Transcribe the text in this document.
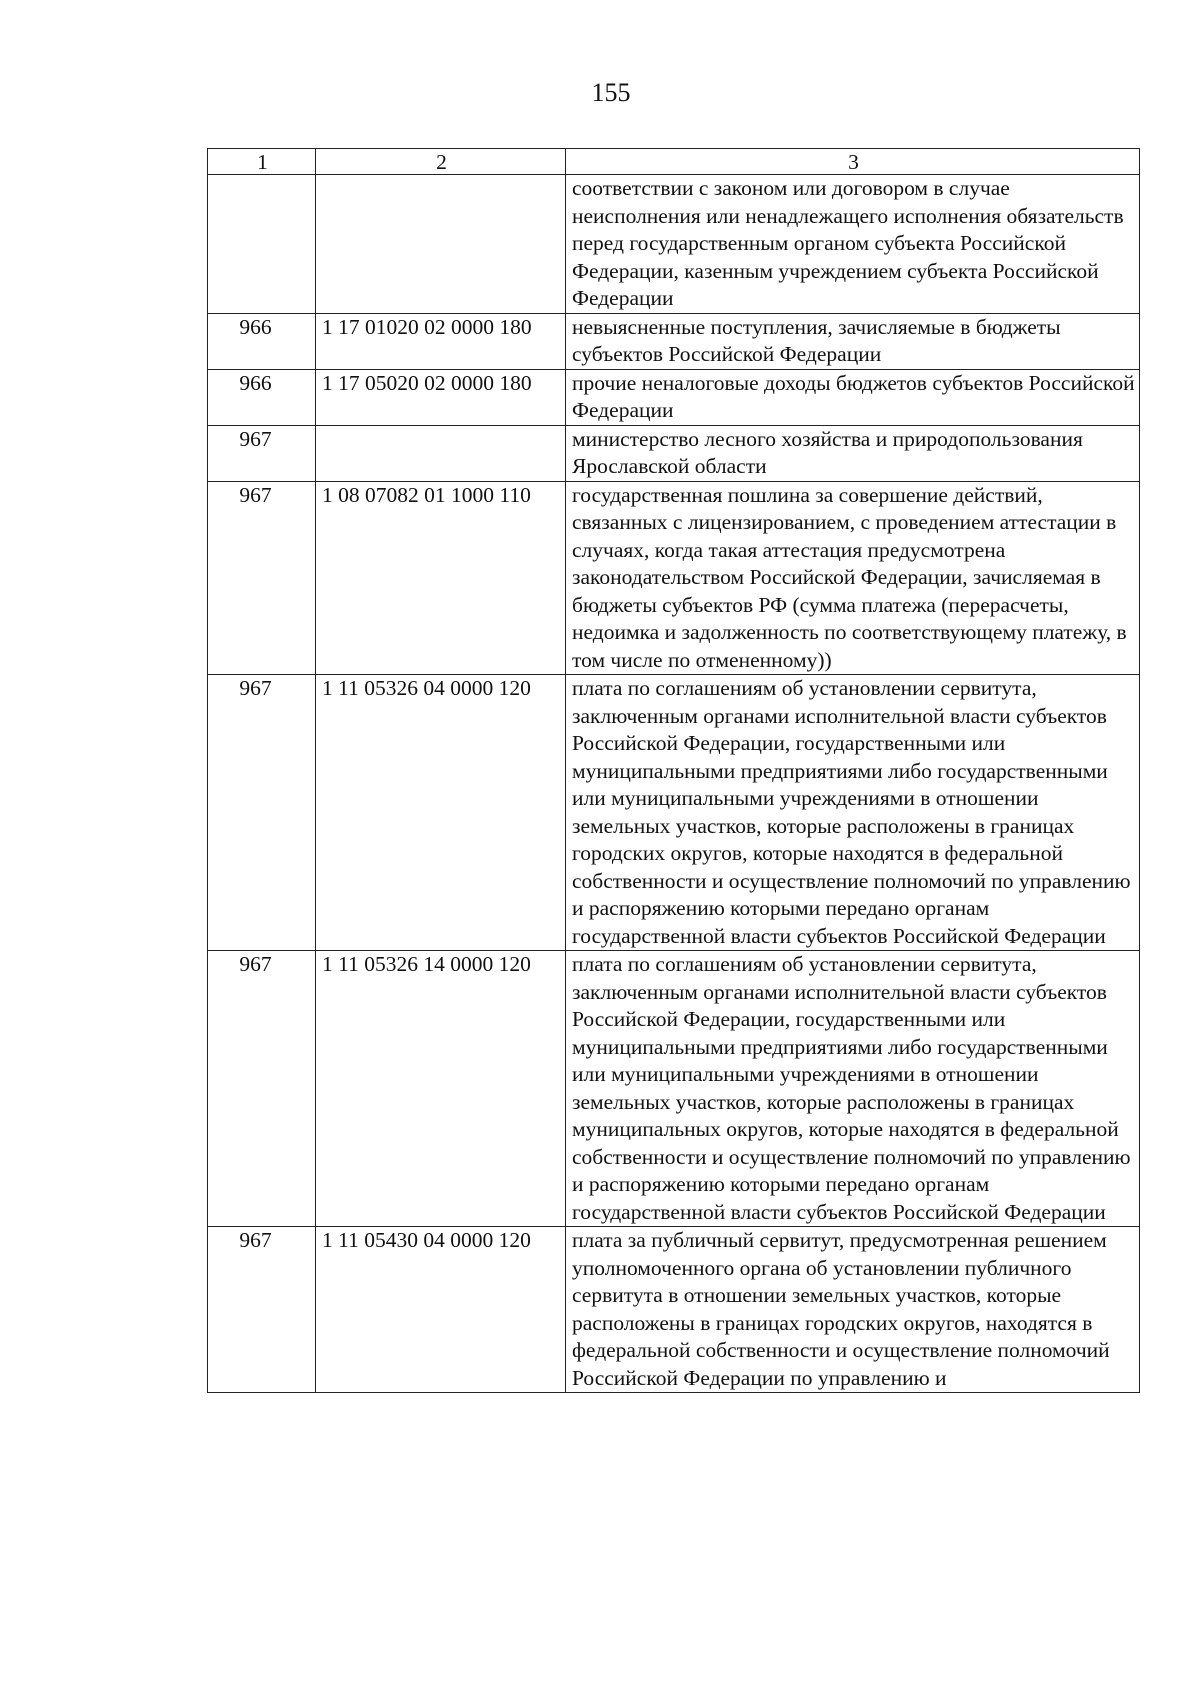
155
1	2	3
		соответствии с законом или договором в случае неисполнения или ненадлежащего исполнения обязательств перед государственным органом субъекта Российской Федерации, казенным учреждением субъекта Российской Федерации
966	1 17 01020 02 0000 180	невыясненные поступления, зачисляемые в бюджеты субъектов Российской Федерации
966	1 17 05020 02 0000 180	прочие неналоговые доходы бюджетов субъектов Российской Федерации
967		министерство лесного хозяйства и природопользования Ярославской области
967	1 08 07082 01 1000 110	государственная пошлина за совершение действий, связанных с лицензированием, с проведением аттестации в случаях, когда такая аттестация предусмотрена законодательством Российской Федерации, зачисляемая в бюджеты субъектов РФ (сумма платежа (перерасчеты, недоимка и задолженность по соответствующему платежу, в том числе по отмененному))
967	1 11 05326 04 0000 120	плата по соглашениям об установлении сервитута, заключенным органами исполнительной власти субъектов Российской Федерации, государственными или муниципальными предприятиями либо государственными или муниципальными учреждениями в отношении земельных участков, которые расположены в границах городских округов, которые находятся в федеральной собственности и осуществление полномочий по управлению и распоряжению которыми передано органам государственной власти субъектов Российской Федерации
967	1 11 05326 14 0000 120	плата по соглашениям об установлении сервитута, заключенным органами исполнительной власти субъектов Российской Федерации, государственными или муниципальными предприятиями либо государственными или муниципальными учреждениями в отношении земельных участков, которые расположены в границах муниципальных округов, которые находятся в федеральной собственности и осуществление полномочий по управлению и распоряжению которыми передано органам государственной власти субъектов Российской Федерации
967	1 11 05430 04 0000 120	плата за публичный сервитут, предусмотренная решением уполномоченного органа об установлении публичного сервитута в отношении земельных участков, которые расположены в границах городских округов, находятся в федеральной собственности и осуществление полномочий Российской Федерации по управлению и
